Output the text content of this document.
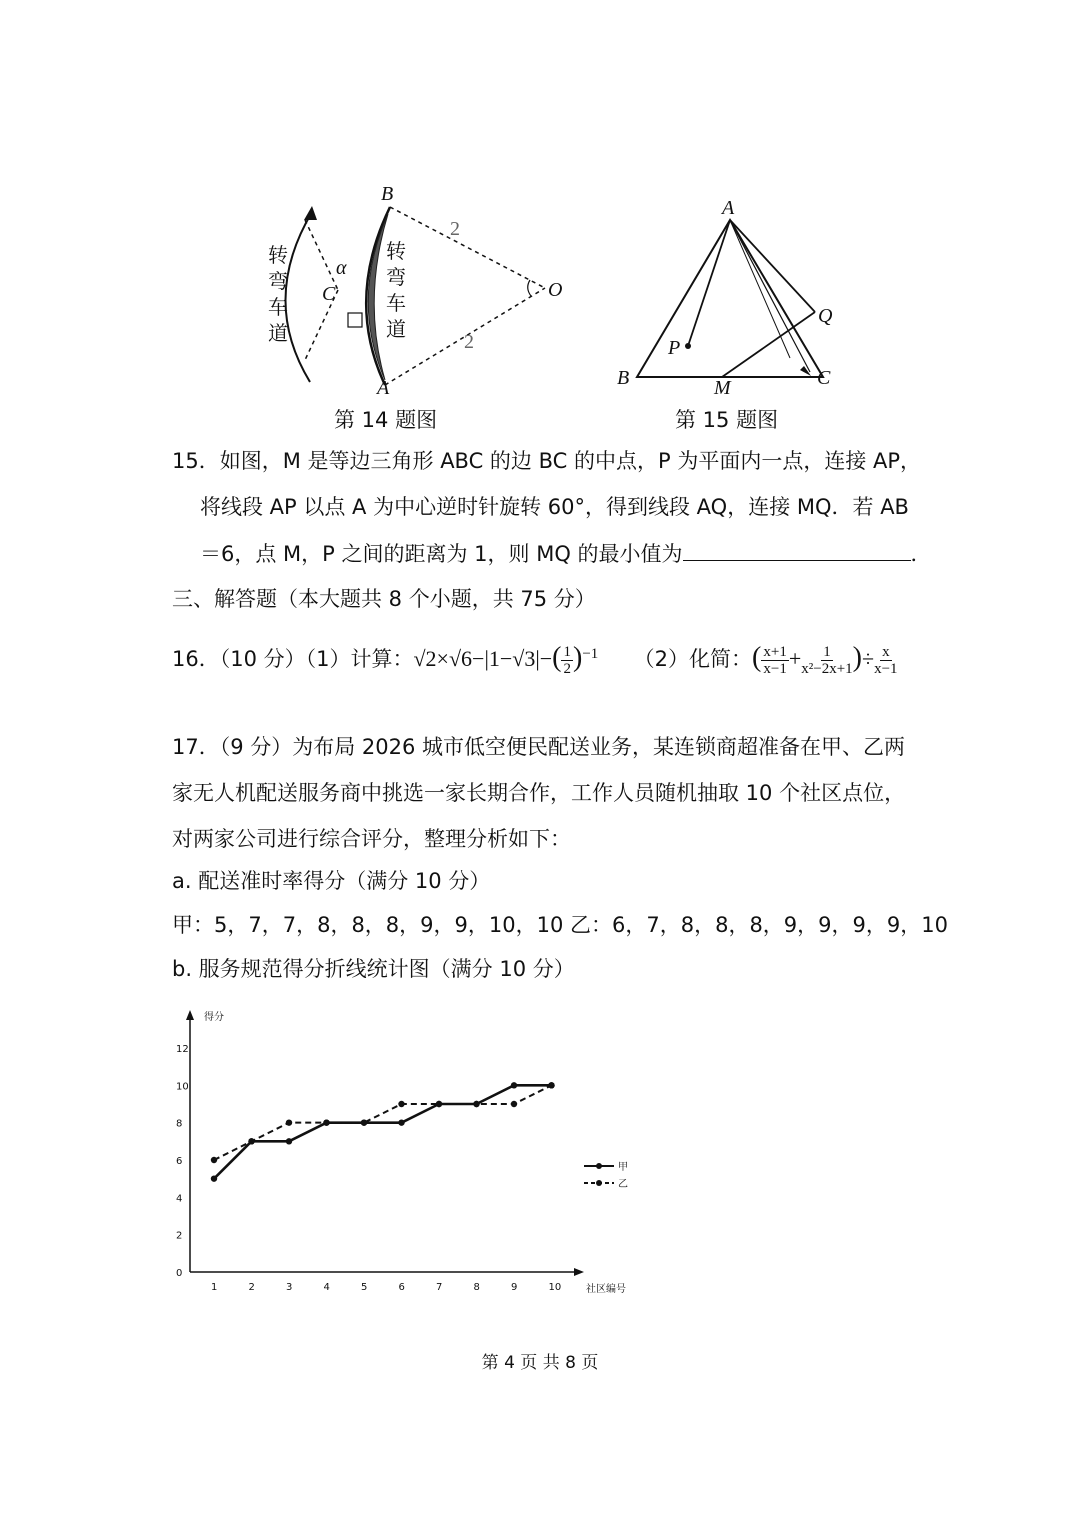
B
A
C	O
α
2
2
转
弯
车
道
转
弯
车
道
第 14 题图
A
B	C
M
P
Q
第 15 题图
15．如图，M 是等边三角形 ABC 的边 BC 的中点，P 为平面内一点，连接 AP，
将线段 AP 以点 A 为中心逆时针旋转 60°，得到线段 AQ，连接 MQ．若 AB
＝6，点 M，P 之间的距离为 1，则 MQ 的最小值为	．
三、解答题（本大题共 8 个小题，共 75 分）
16．（10 分）（1）计算：$√2\times√6-|1-√3|-( \frac{1}{2} )^{-1}$ （2）化简：( $\frac{x+1}{x-1} + \frac{1}{\text{x²−2x+1}}$ )÷ $\frac{x}{x-1}$
17．（9 分）为布局 2026 城市低空便民配送业务，某连锁商超准备在甲、乙两
家无人机配送服务商中挑选一家长期合作，工作人员随机抽取 10 个社区点位，
对两家公司进行综合评分，整理分析如下：
a. 配送准时率得分（满分 10 分）
甲：5，7，7，8，8，8，9，9，10，10 乙：6，7，8，8，8，9，9，9，9，10
b. 服务规范得分折线统计图（满分 10 分）
得分
社区编号
0
2
4
6
8
10
12
1	2	3	4	5	6	7	8	9	10
甲
乙
第 4 页 共 8 页
